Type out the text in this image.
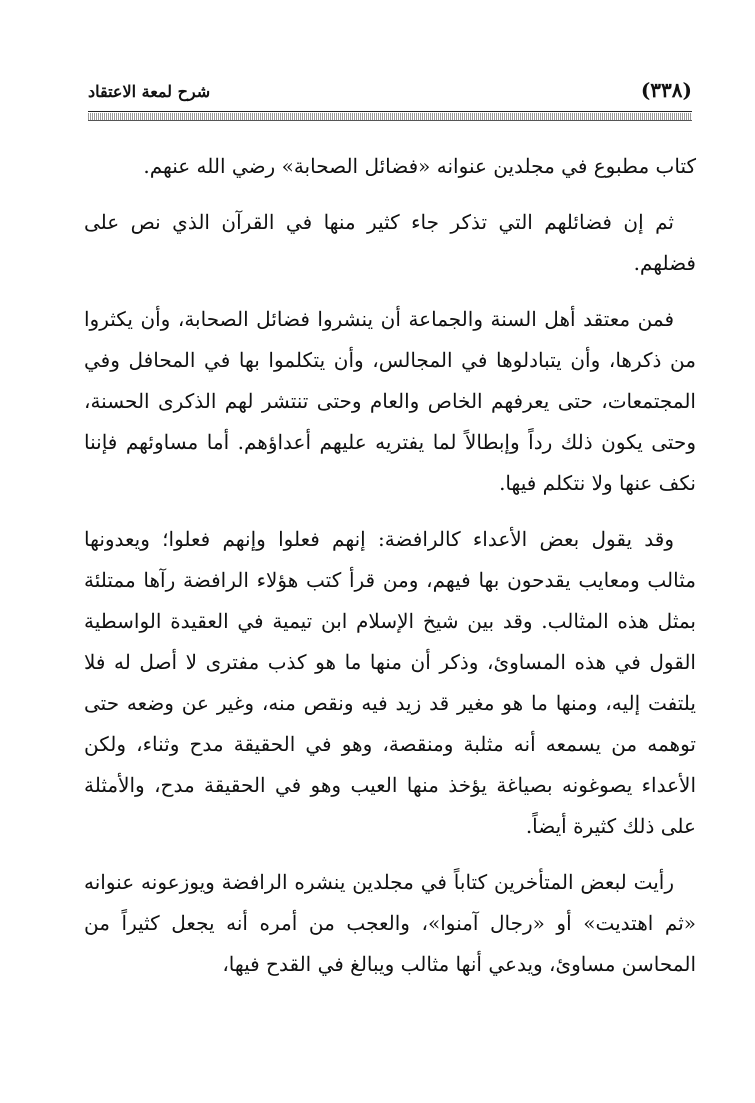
(٣٣٨)
شرح لمعة الاعتقاد

كتاب مطبوع في مجلدين عنوانه «فضائل الصحابة» رضي الله عنهم.

ثم إن فضائلهم التي تذكر جاء كثير منها في القرآن الذي نص على فضلهم.

فمن معتقد أهل السنة والجماعة أن ينشروا فضائل الصحابة، وأن يكثروا من ذكرها، وأن يتبادلوها في المجالس، وأن يتكلموا بها في المحافل وفي المجتمعات، حتى يعرفهم الخاص والعام وحتى تنتشر لهم الذكرى الحسنة، وحتى يكون ذلك رداً وإبطالاً لما يفتريه عليهم أعداؤهم. أما مساوئهم فإننا نكف عنها ولا نتكلم فيها.

وقد يقول بعض الأعداء كالرافضة: إنهم فعلوا وإنهم فعلوا؛ ويعدونها مثالب ومعايب يقدحون بها فيهم، ومن قرأ كتب هؤلاء الرافضة رآها ممتلئة بمثل هذه المثالب. وقد بين شيخ الإسلام ابن تيمية في العقيدة الواسطية القول في هذه المساوئ، وذكر أن منها ما هو كذب مفترى لا أصل له فلا يلتفت إليه، ومنها ما هو مغير قد زيد فيه ونقص منه، وغير عن وضعه حتى توهمه من يسمعه أنه مثلبة ومنقصة، وهو في الحقيقة مدح وثناء، ولكن الأعداء يصوغونه بصياغة يؤخذ منها العيب وهو في الحقيقة مدح، والأمثلة على ذلك كثيرة أيضاً.

رأيت لبعض المتأخرين كتاباً في مجلدين ينشره الرافضة ويوزعونه عنوانه «ثم اهتديت» أو «رجال آمنوا»، والعجب من أمره أنه يجعل كثيراً من المحاسن مساوئ، ويدعي أنها مثالب ويبالغ في القدح فيها،
